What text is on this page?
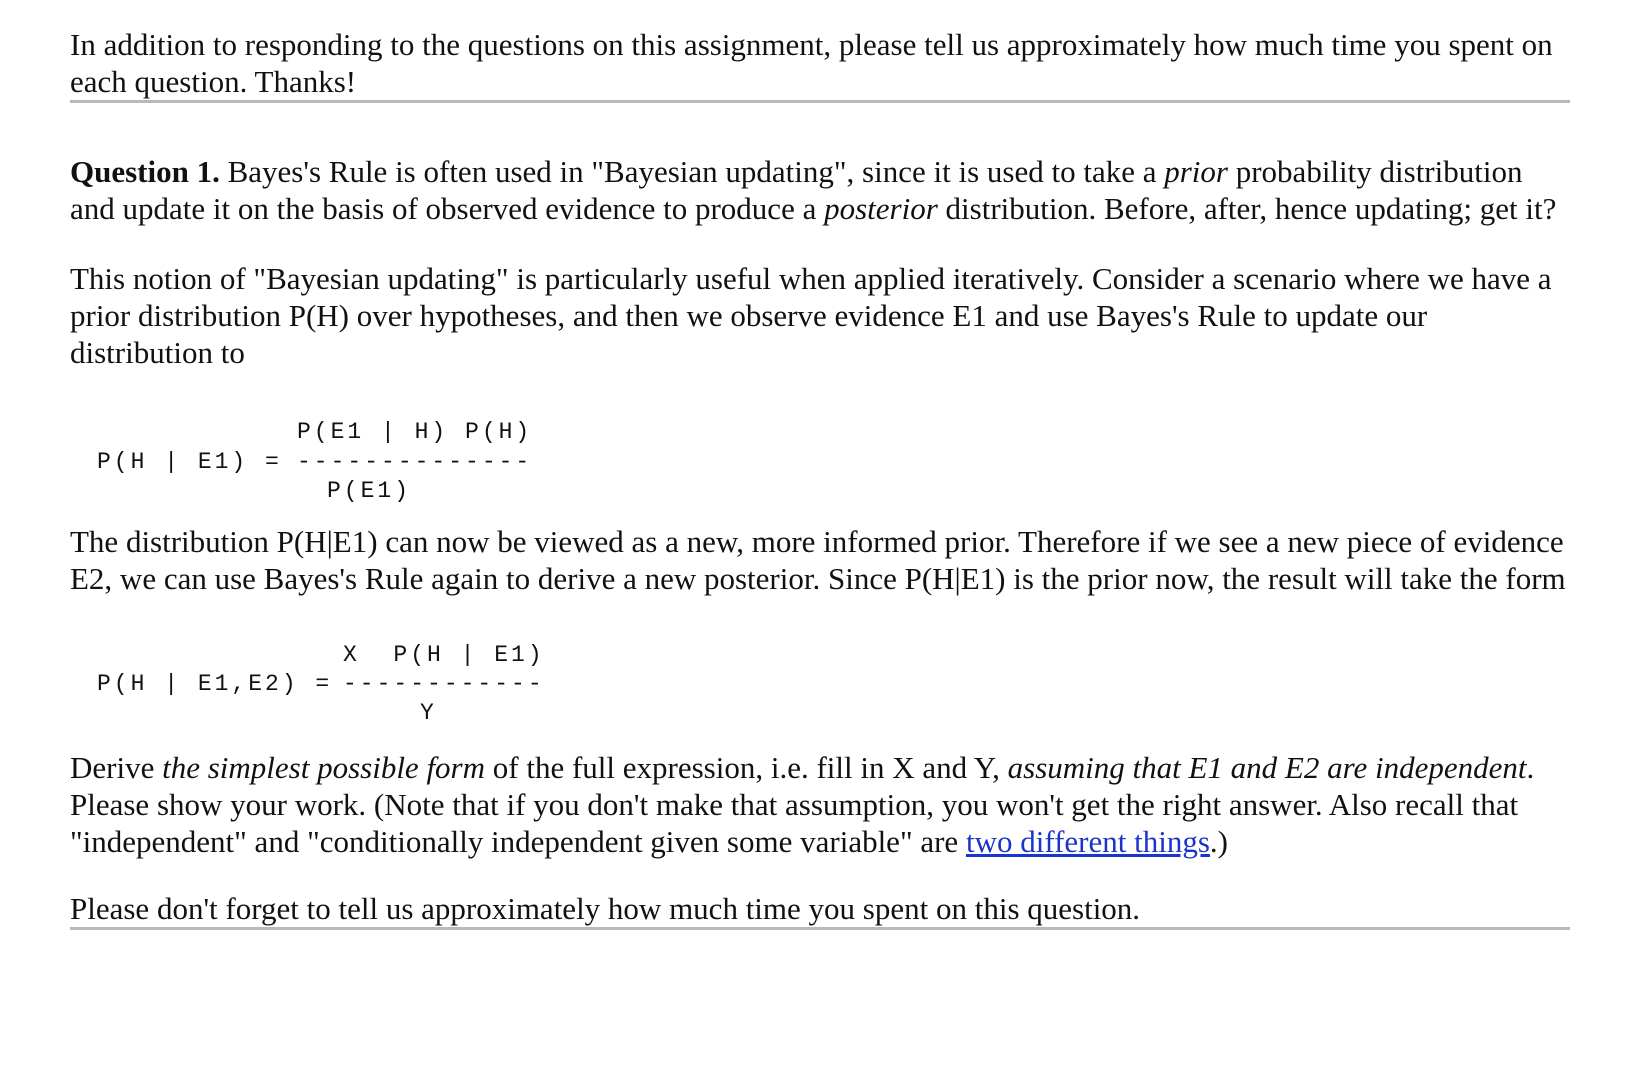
In addition to responding to the questions on this assignment, please tell us approximately how much time you spent on each question. Thanks!

Question 1. Bayes's Rule is often used in "Bayesian updating", since it is used to take a prior probability distribution and update it on the basis of observed evidence to produce a posterior distribution. Before, after, hence updating; get it?

This notion of "Bayesian updating" is particularly useful when applied iteratively. Consider a scenario where we have a prior distribution P(H) over hypotheses, and then we observe evidence E1 and use Bayes's Rule to update our distribution to

P(E1 | H) P(H)

P(H | E1) =

--------------

P(E1)

The distribution P(H|E1) can now be viewed as a new, more informed prior. Therefore if we see a new piece of evidence E2, we can use Bayes's Rule again to derive a new posterior. Since P(H|E1) is the prior now, the result will take the form

X  P(H | E1)

P(H | E1,E2) =

------------

Y

Derive the simplest possible form of the full expression, i.e. fill in X and Y, assuming that E1 and E2 are independent. Please show your work. (Note that if you don't make that assumption, you won't get the right answer. Also recall that "independent" and "conditionally independent given some variable" are two different things.)

Please don't forget to tell us approximately how much time you spent on this question.
